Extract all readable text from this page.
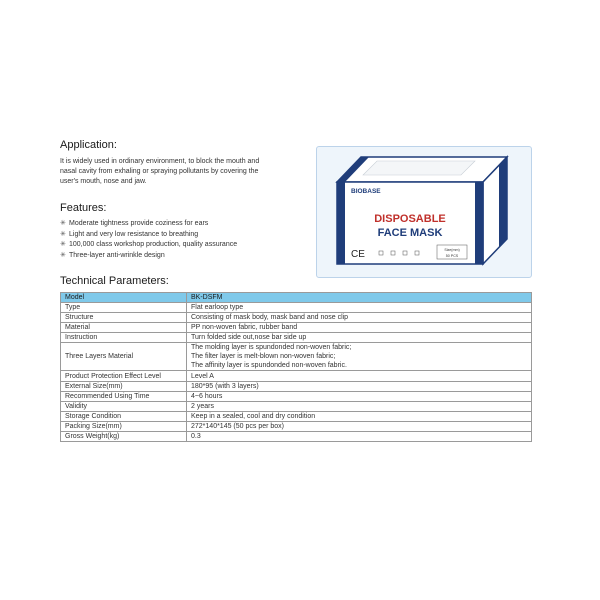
Application:
It is widely used in ordinary environment, to block the mouth and
nasal cavity from exhaling or spraying pollutants by covering the
user's mouth, nose and jaw.
Features:
✳ Moderate tightness provide coziness for ears
✳ Light and very low resistance to breathing
✳ 100,000 class workshop production, quality assurance
✳ Three-layer anti-wrinkle design
BIOBASE
DISPOSABLE
FACE MASK
CE	Size(mm)
50 PCS
Technical Parameters:
Model	BK-DSFM
Type	Flat earloop type
Structure	Consisting of mask body, mask band and nose clip
Material	PP non-woven fabric, rubber band
Instruction	Turn folded side out,nose bar side up
Three Layers Material	The molding layer is spundonded non-woven fabric;
The filter layer is melt-blown non-woven fabric;
The affinity layer is spundonded non-woven fabric.

Product Protection Effect Level	Level A
External Size(mm)	180*95 (with 3 layers)
Recommended Using Time	4~6 hours
Validity	2 years
Storage Condition	Keep in a sealed, cool and dry condition
Packing Size(mm)	272*140*145 (50 pcs per box)
Gross Weight(kg)	0.3
